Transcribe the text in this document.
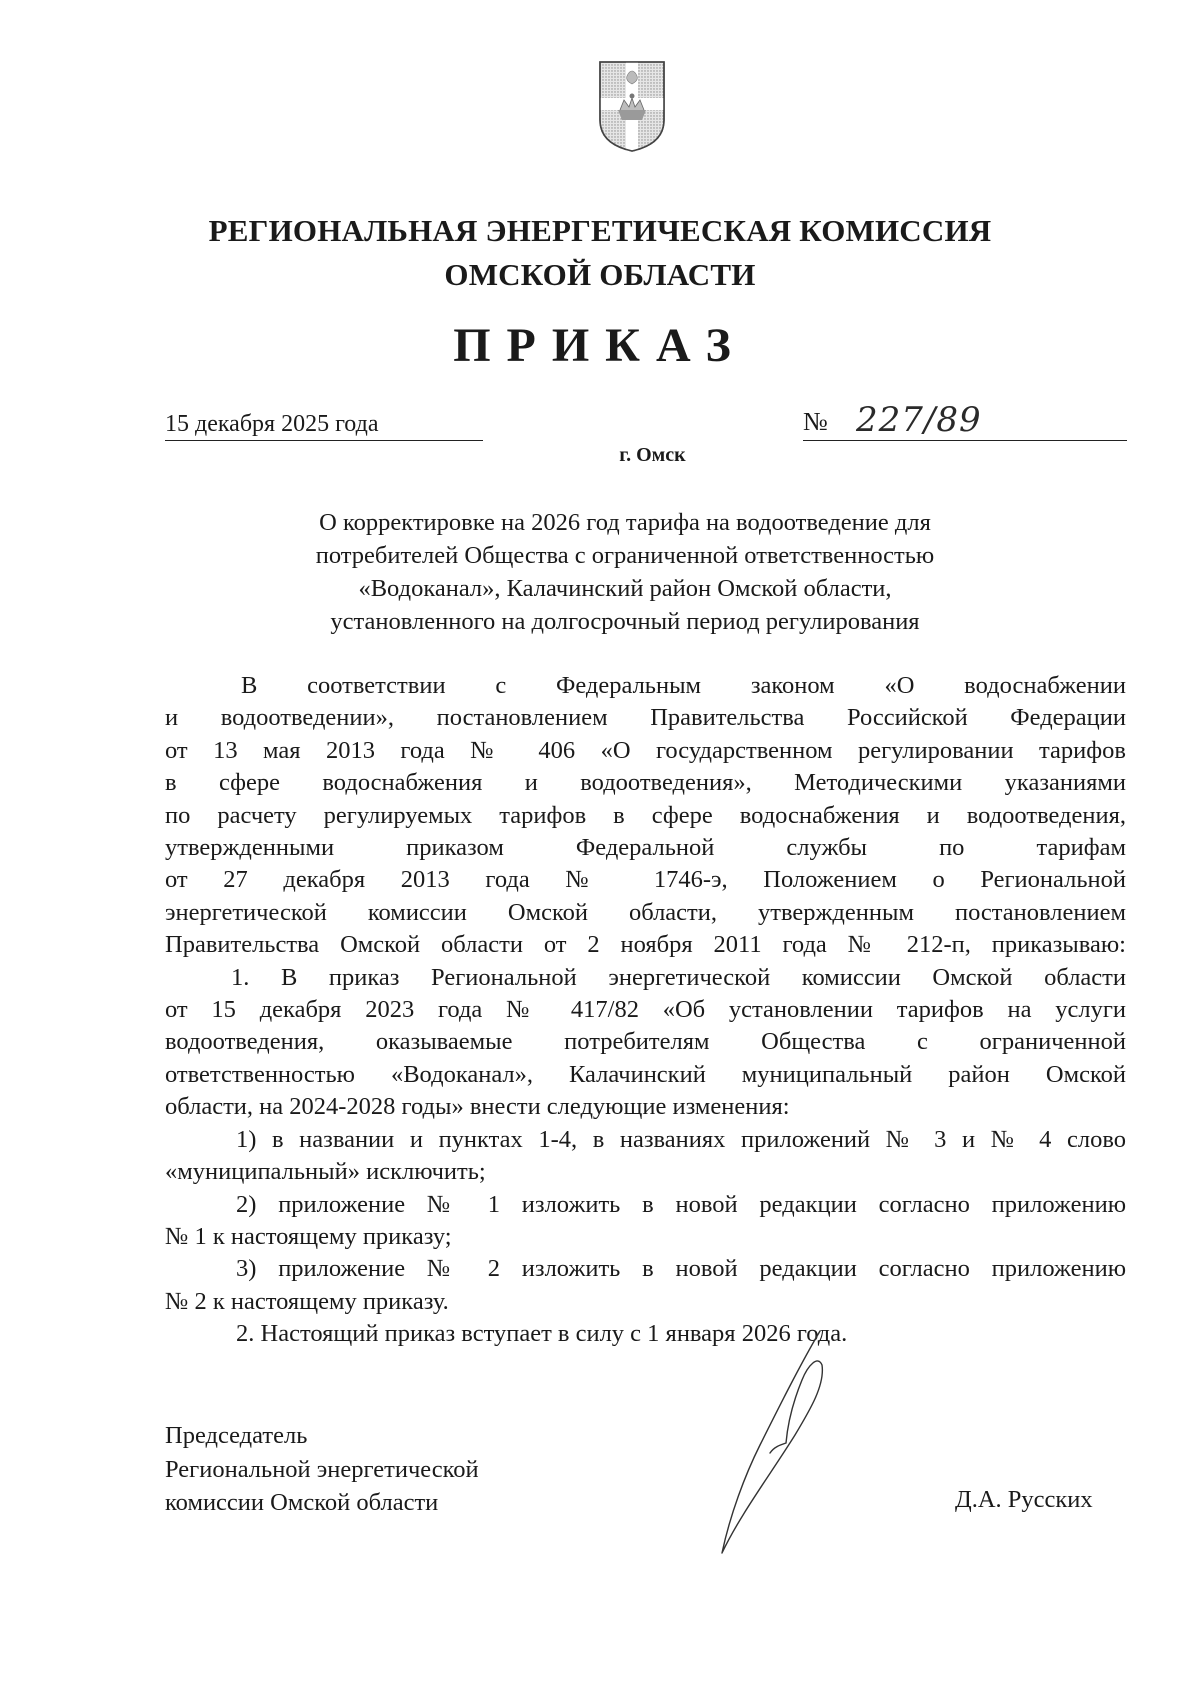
РЕГИОНАЛЬНАЯ ЭНЕРГЕТИЧЕСКАЯ КОМИССИЯ
ОМСКОЙ ОБЛАСТИ
ПРИКАЗ
15 декабря 2025 года	№ 227/89
г. Омск
О корректировке на 2026 год тарифа на водоотведение для
потребителей Общества с ограниченной ответственностью
«Водоканал», Калачинский район Омской области,
установленного на долгосрочный период регулирования
В соответствии с Федеральным законом «О водоснабжении
и водоотведении», постановлением Правительства Российской Федерации
от 13 мая 2013 года № 406 «О государственном регулировании тарифов
в сфере водоснабжения и водоотведения», Методическими указаниями
по расчету регулируемых тарифов в сфере водоснабжения и водоотведения,
утвержденными приказом Федеральной службы по тарифам
от 27 декабря 2013 года № 1746-э, Положением о Региональной
энергетической комиссии Омской области, утвержденным постановлением
Правительства Омской области от 2 ноября 2011 года № 212-п, приказываю:
1. В приказ Региональной энергетической комиссии Омской области
от 15 декабря 2023 года № 417/82 «Об установлении тарифов на услуги
водоотведения, оказываемые потребителям Общества с ограниченной
ответственностью «Водоканал», Калачинский муниципальный район Омской
области, на 2024-2028 годы» внести следующие изменения:
1) в названии и пунктах 1-4, в названиях приложений № 3 и № 4 слово
«муниципальный» исключить;
2) приложение № 1 изложить в новой редакции согласно приложению
№ 1 к настоящему приказу;
3) приложение № 2 изложить в новой редакции согласно приложению
№ 2 к настоящему приказу.
2. Настоящий приказ вступает в силу с 1 января 2026 года.
Председатель
Региональной энергетической
комиссии Омской области	Д.А. Русских
